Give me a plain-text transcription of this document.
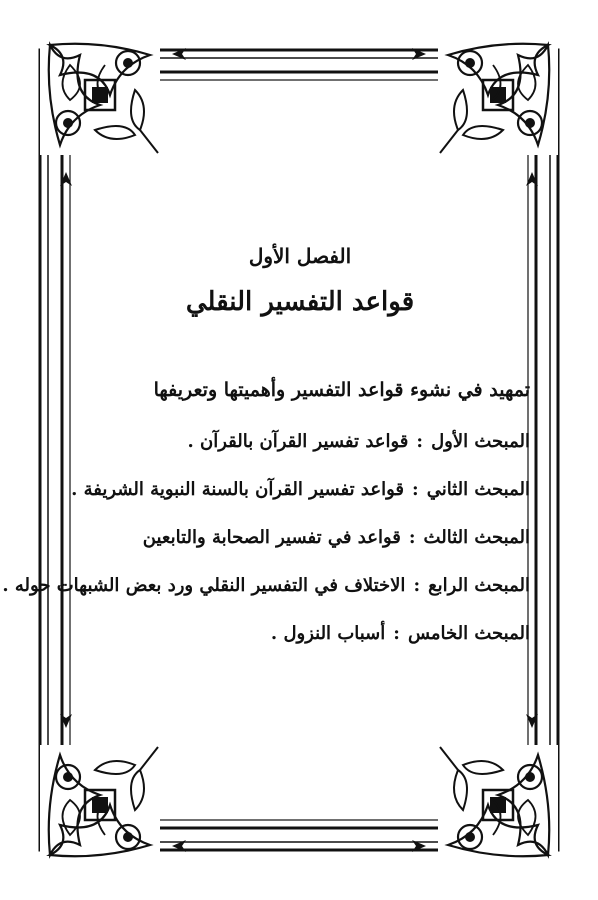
الفصل الأول
قواعد التفسير النقلي

تمهيد في نشوء قواعد التفسير وأهميتها وتعريفها

المبحث الأول:قواعد تفسير القرآن بالقرآن .
المبحث الثاني:قواعد تفسير القرآن بالسنة النبوية الشريفة .
المبحث الثالث:قواعد في تفسير الصحابة والتابعين
المبحث الرابع:الاختلاف في التفسير النقلي ورد بعض الشبهات حوله .
المبحث الخامس:أسباب النزول .
